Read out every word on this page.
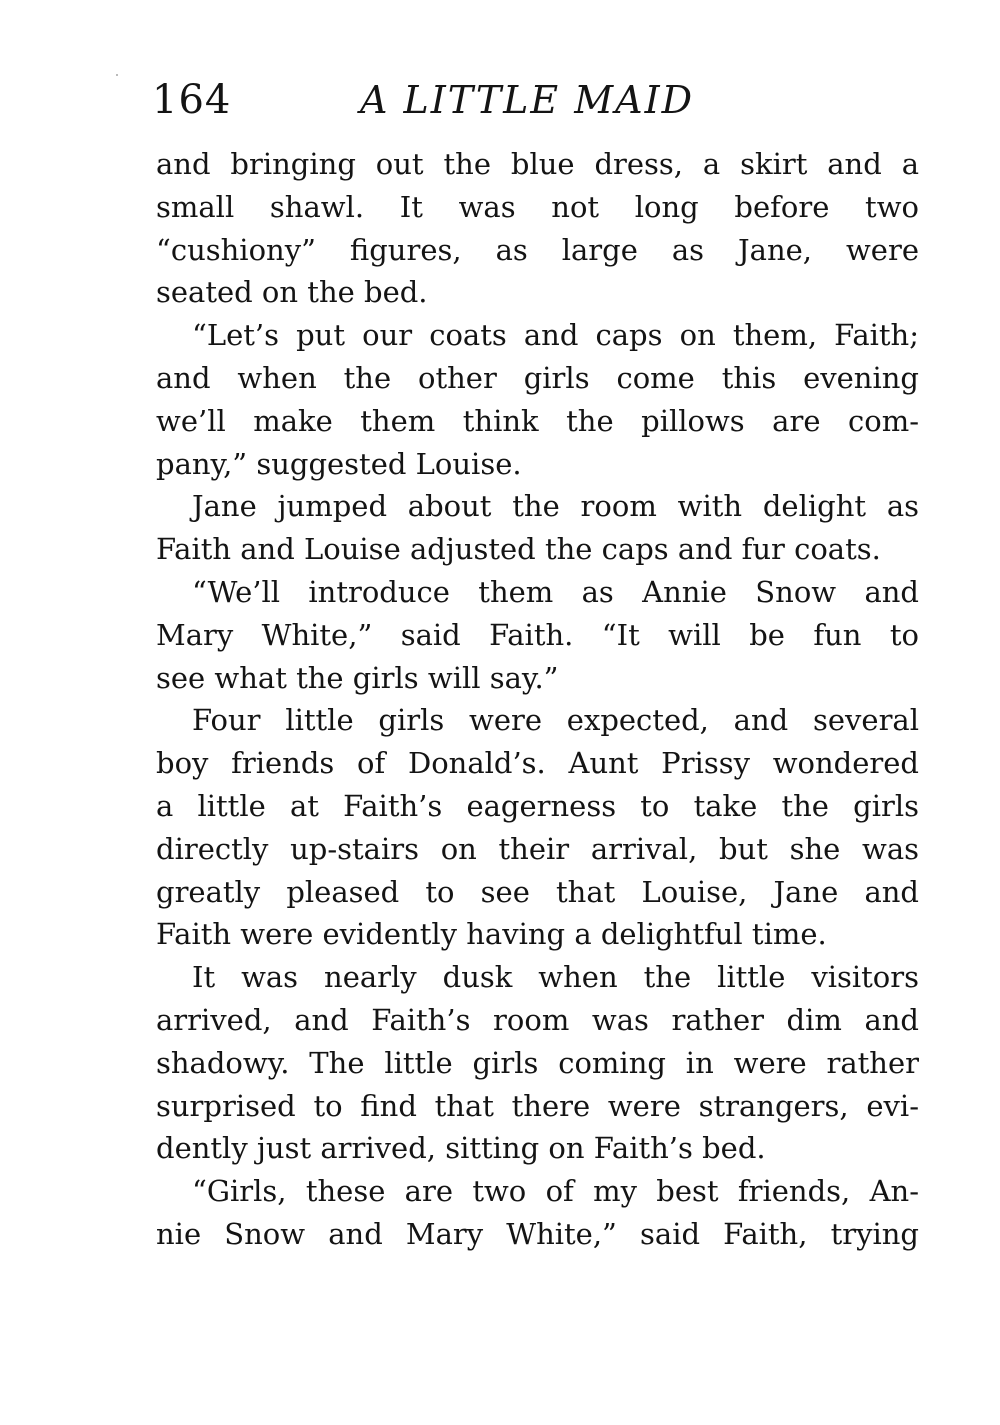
164	A LITTLE MAID
and bringing out the blue dress, a skirt and a
small shawl. It was not long before two
“cushiony” figures, as large as Jane, were
seated on the bed.
“Let’s put our coats and caps on them, Faith;
and when the other girls come this evening
we’ll make them think the pillows are com-
pany,” suggested Louise.
Jane jumped about the room with delight as
Faith and Louise adjusted the caps and fur coats.
“We’ll introduce them as Annie Snow and
Mary White,” said Faith. “It will be fun to
see what the girls will say.”
Four little girls were expected, and several
boy friends of Donald’s. Aunt Prissy wondered
a little at Faith’s eagerness to take the girls
directly up-stairs on their arrival, but she was
greatly pleased to see that Louise, Jane and
Faith were evidently having a delightful time.
It was nearly dusk when the little visitors
arrived, and Faith’s room was rather dim and
shadowy. The little girls coming in were rather
surprised to find that there were strangers, evi-
dently just arrived, sitting on Faith’s bed.
“Girls, these are two of my best friends, An-
nie Snow and Mary White,” said Faith, trying
